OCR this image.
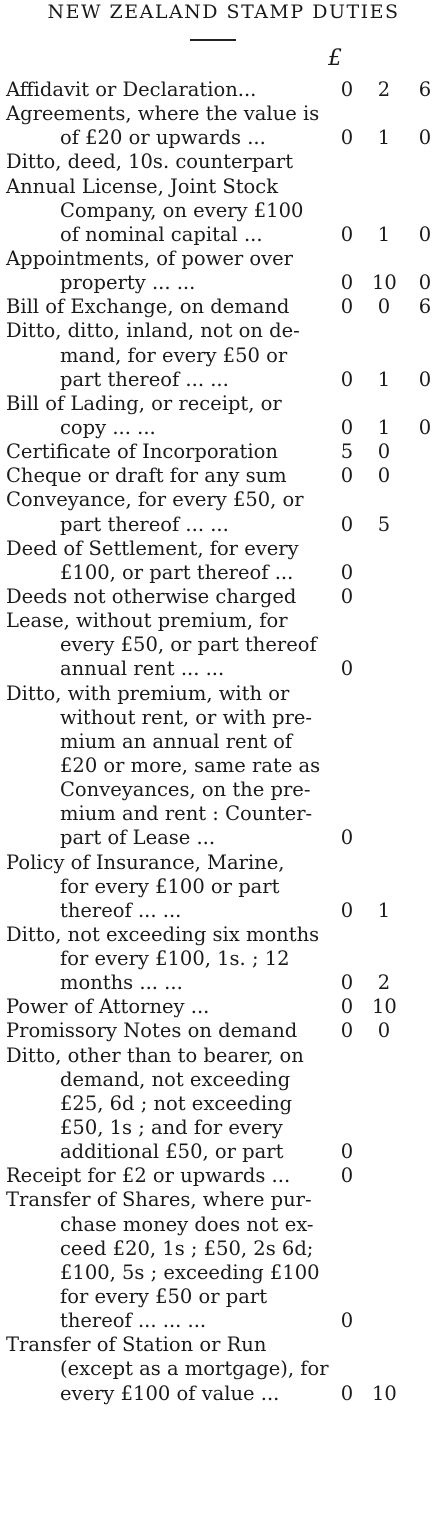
NEW ZEALAND STAMP DUTIES
£
Affidavit or Declaration...	0 2 6
Agreements, where the value is
of £20 or upwards ...	0 1 0
Ditto, deed, 10s. counterpart
Annual License, Joint Stock
Company, on every £100
of nominal capital ...	0 1 0
Appointments, of power over
property ... ...	0 10 0
Bill of Exchange, on demand	0 0 6
Ditto, ditto, inland, not on de-
mand, for every £50 or
part thereof ... ...	0 1 0
Bill of Lading, or receipt, or
copy ... ...	0 1 0
Certificate of Incorporation	5 0
Cheque or draft for any sum	0 0
Conveyance, for every £50, or
part thereof ... ...	0 5
Deed of Settlement, for every
£100, or part thereof ... 0
Deeds not otherwise charged 0
Lease, without premium, for
every £50, or part thereof
annual rent ... ...	0
Ditto, with premium, with or
without rent, or with pre-
mium an annual rent of
£20 or more, same rate as
Conveyances, on the pre-
mium and rent : Counter-
part of Lease ...	0
Policy of Insurance, Marine,
for every £100 or part
thereof ... ...	0 1
Ditto, not exceeding six months
for every £100, 1s. ; 12
months ... ...	0 2
Power of Attorney ...	0 10
Promissory Notes on demand 0 0
Ditto, other than to bearer, on
demand, not exceeding
£25, 6d ; not exceeding
£50, 1s ; and for every
additional £50, or part	0
Receipt for £2 or upwards ...	0
Transfer of Shares, where pur-
chase money does not ex-
ceed £20, 1s ; £50, 2s 6d;
£100, 5s ; exceeding £100
for every £50 or part
thereof ... ... ...	0
Transfer of Station or Run
(except as a mortgage), for
every £100 of value ...	0 10
